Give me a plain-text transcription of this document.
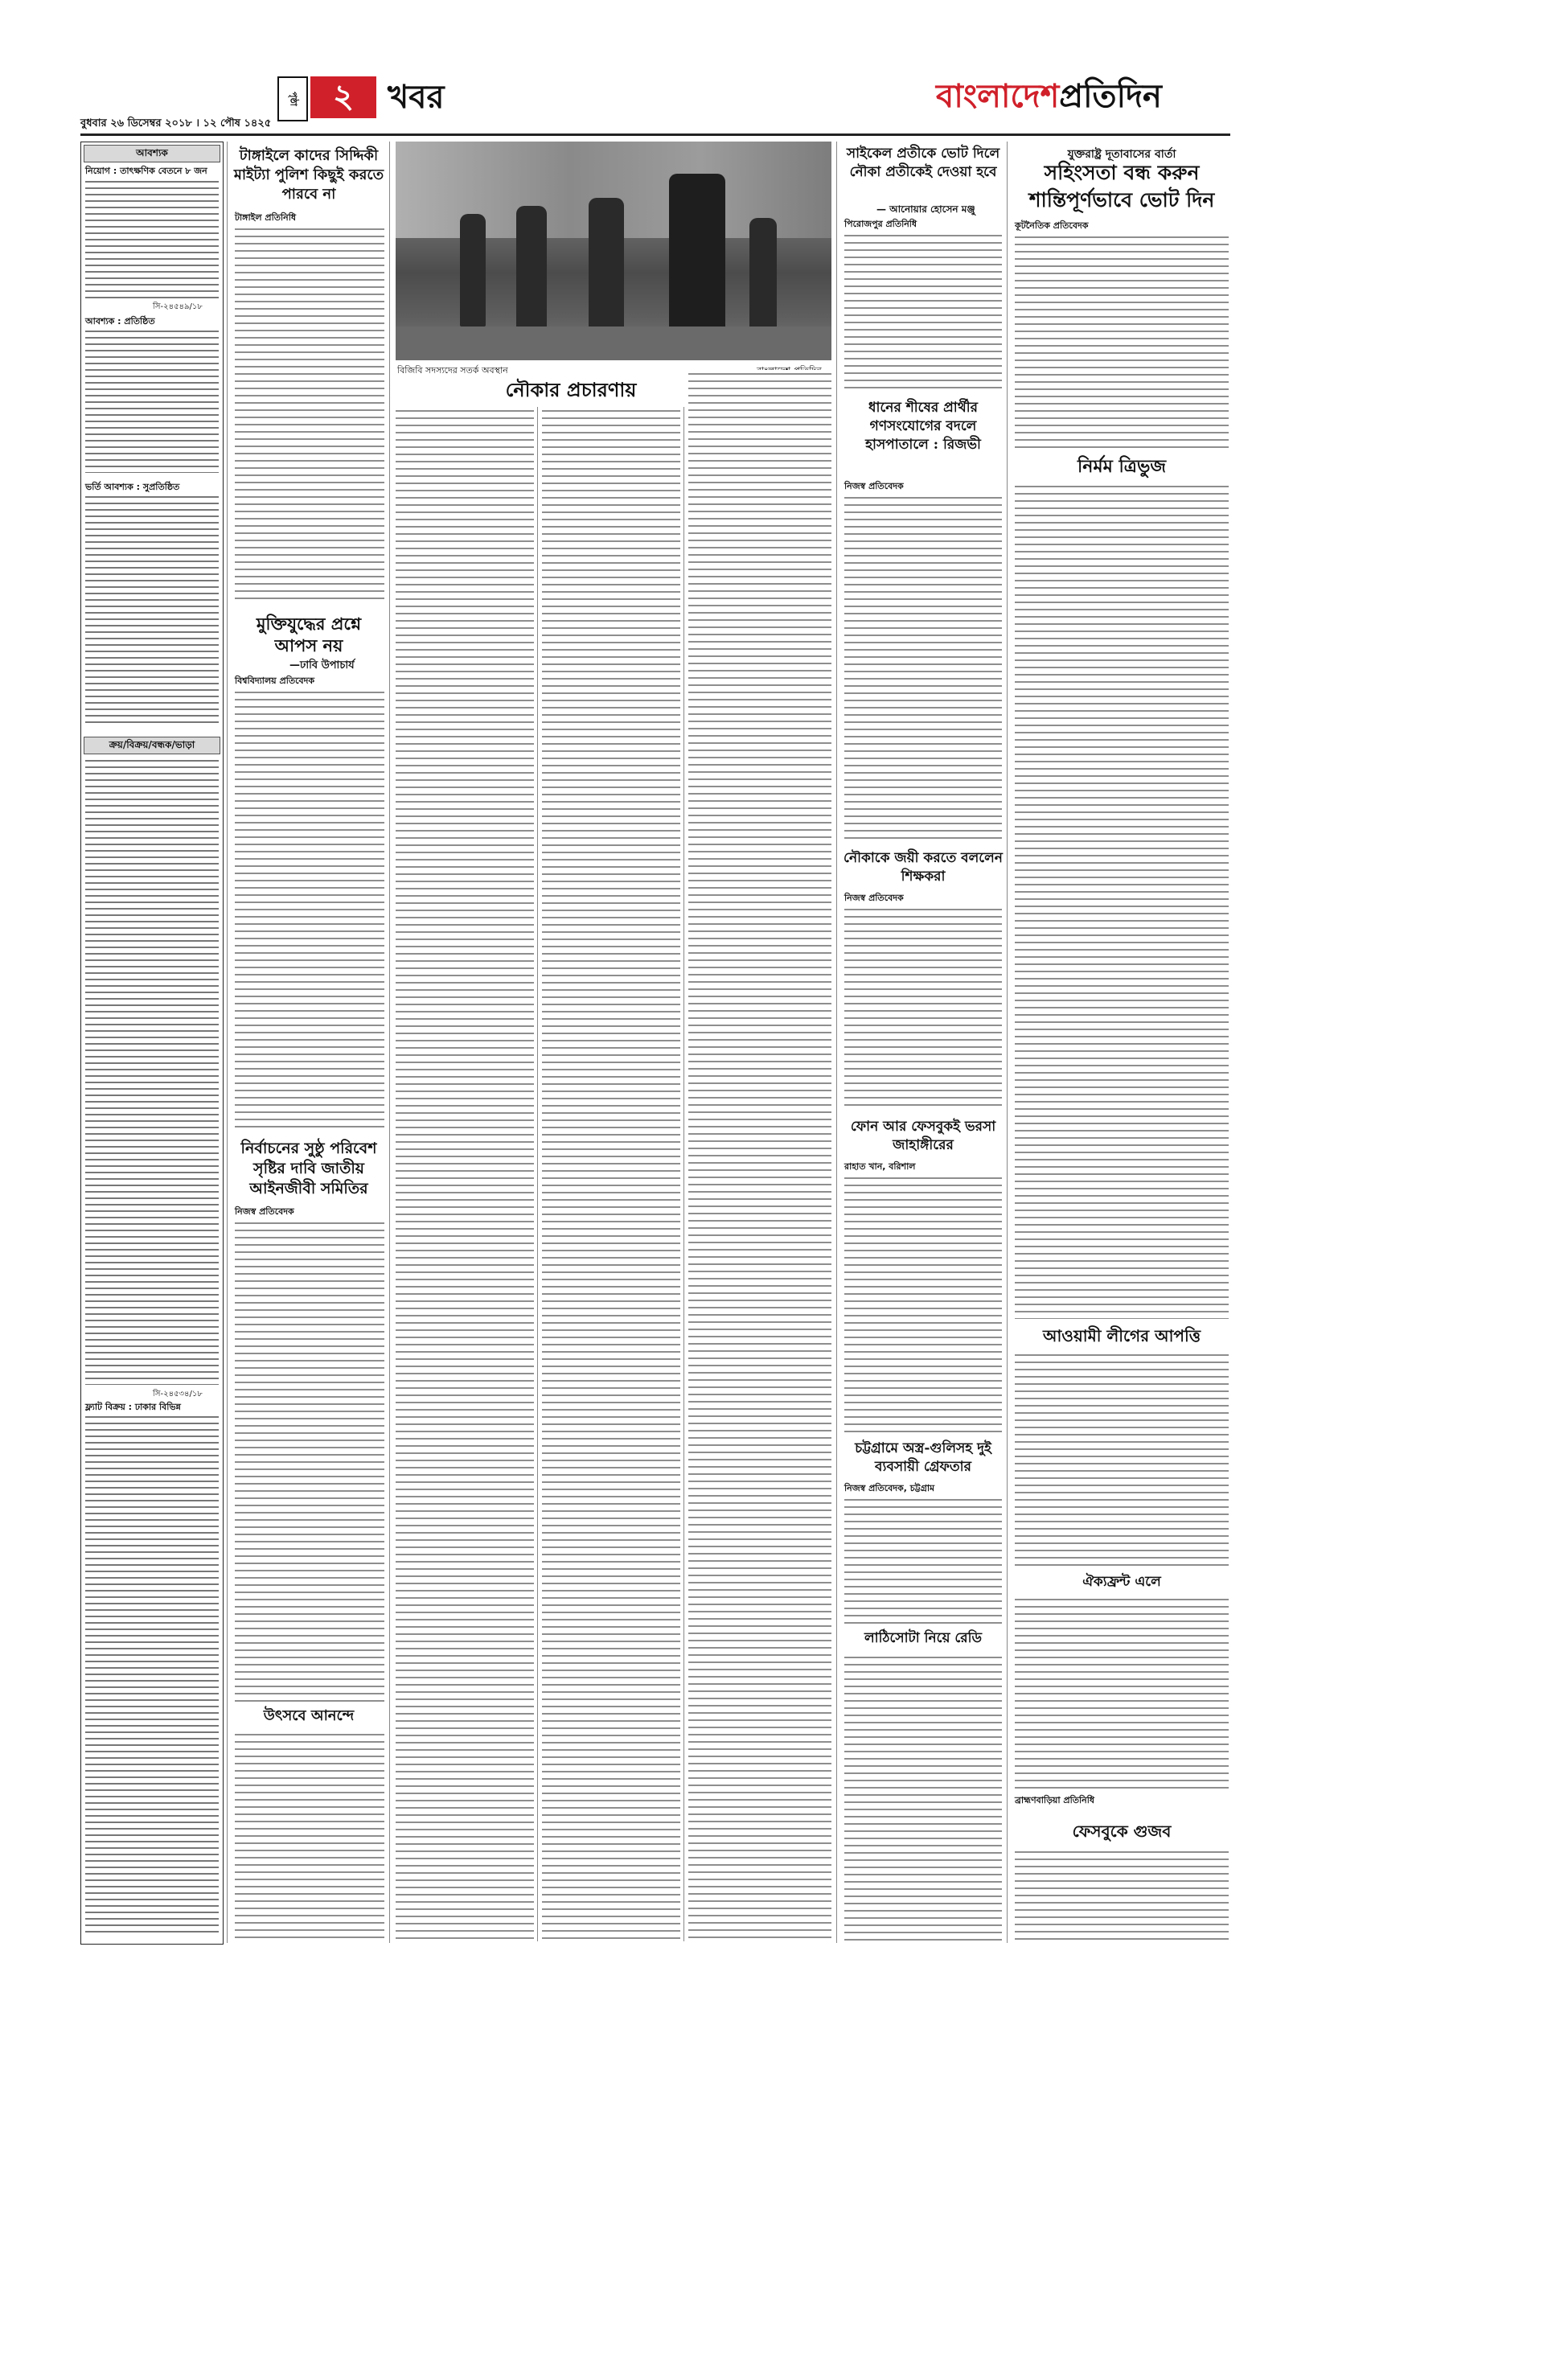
বুধবার ২৬ ডিসেম্বর ২০১৮ । ১২ পৌষ ১৪২৫
পৃষ্ঠা ২ খবর	বাংলাদেশপ্রতিদিন
আবশ্যক
নিয়োগ : তাৎক্ষণিক বেতনে ৮ জন
সি-২৪৫৪৯/১৮
আবশ্যক : প্রতিষ্ঠিত
ভর্তি আবশ্যক : সুপ্রতিষ্ঠিত
ক্রয়/বিক্রয়/বন্ধক/ভাড়া
সি-২৪৫৩৪/১৮
ফ্ল্যাট বিক্রয় : ঢাকার বিভিন্ন
টাঙ্গাইলে কাদের সিদ্দিকী মাইট্যা পুলিশ কিছুই করতে পারবে না
টাঙ্গাইল প্রতিনিধি
মুক্তিযুদ্ধের প্রশ্নে আপস নয়
—ঢাবি উপাচার্য
বিশ্ববিদ্যালয় প্রতিবেদক
নির্বাচনের সুষ্ঠু পরিবেশ সৃষ্টির দাবি জাতীয় আইনজীবী সমিতির
নিজস্ব প্রতিবেদক
উৎসবে আনন্দে
বিজিবি সদস্যদের সতর্ক অবস্থান
নৌকার প্রচারণায়
সাইকেল প্রতীকে ভোট দিলে নৌকা প্রতীকেই দেওয়া হবে
— আনোয়ার হোসেন মঞ্জু
পিরোজপুর প্রতিনিধি
ধানের শীষের প্রার্থীর গণসংযোগের বদলে হাসপাতালে : রিজভী
নিজস্ব প্রতিবেদক
নৌকাকে জয়ী করতে বললেন শিক্ষকরা
নিজস্ব প্রতিবেদক
ফোন আর ফেসবুকই ভরসা জাহাঙ্গীরের
রাহাত খান, বরিশাল
চট্টগ্রামে অস্ত্র-গুলিসহ দুই ব্যবসায়ী গ্রেফতার
নিজস্ব প্রতিবেদক, চট্টগ্রাম
লাঠিসোটা নিয়ে রেডি
যুক্তরাষ্ট্র দূতাবাসের বার্তা
সহিংসতা বন্ধ করুন শান্তিপূর্ণভাবে ভোট দিন
কূটনৈতিক প্রতিবেদক
নির্মম ত্রিভুজ
আওয়ামী লীগের আপত্তি
ঐক্যফ্রন্ট এলে
ব্রাহ্মণবাড়িয়া প্রতিনিধি
ফেসবুকে গুজব
